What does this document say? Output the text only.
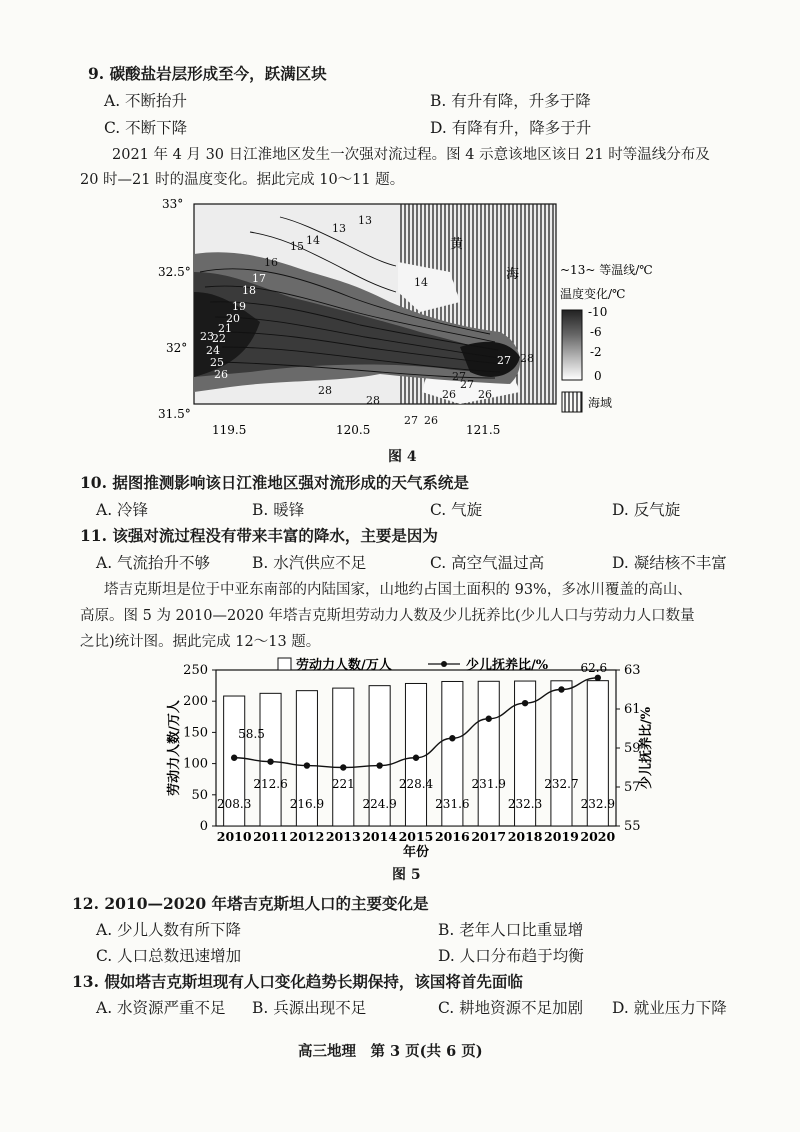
9. 碳酸盐岩层形成至今，跃满区块
A. 不断抬升	B. 有升有降，升多于降
C. 不断下降	D. 有降有升，降多于升
2021 年 4 月 30 日江淮地区发生一次强对流过程。图 4 示意该地区该日 21 时等温线分布及
20 时—21 时的温度变化。据此完成 10～11 题。
33°
32.5°
32°
31.5°
119.5	120.5	121.5
13
13
15 14
16
17
18
19
20
21
22
23
24
25
26
14
27 28
27
26
28
28
27 26
27
26
黄
海	~13~ 等温线/℃
温度变化/℃
-10
-6
-2
0
海域
图 4
10. 据图推测影响该日江淮地区强对流形成的天气系统是
A. 冷锋	B. 暖锋	C. 气旋	D. 反气旋
11. 该强对流过程没有带来丰富的降水，主要是因为
A. 气流抬升不够	B. 水汽供应不足	C. 高空气温过高	D. 凝结核不丰富
塔吉克斯坦是位于中亚东南部的内陆国家，山地约占国土面积的 93%，多冰川覆盖的高山、
高原。图 5 为 2010—2020 年塔吉克斯坦劳动力人数及少儿抚养比(少儿人口与劳动力人口数量
之比)统计图。据此完成 12～13 题。
0
50
100
150
200
250
55
57
59
61
63
2010 2011 2012 2013 2014 2015 2016 2017 2018 2019 2020
年份
劳动力人数/万人	少儿抚养比/%
劳动力人数/万人	少儿抚养比/%
208.3
212.6
216.9
221
224.9
228.4
231.6
231.9
232.3
232.7
232.9
58.5
62.6
图 5
12. 2010—2020 年塔吉克斯坦人口的主要变化是
A. 少儿人数有所下降	B. 老年人口比重显增
C. 人口总数迅速增加	D. 人口分布趋于均衡
13. 假如塔吉克斯坦现有人口变化趋势长期保持，该国将首先面临
A. 水资源严重不足 B. 兵源出现不足	C. 耕地资源不足加剧 D. 就业压力下降
高三地理　第 3 页(共 6 页)
